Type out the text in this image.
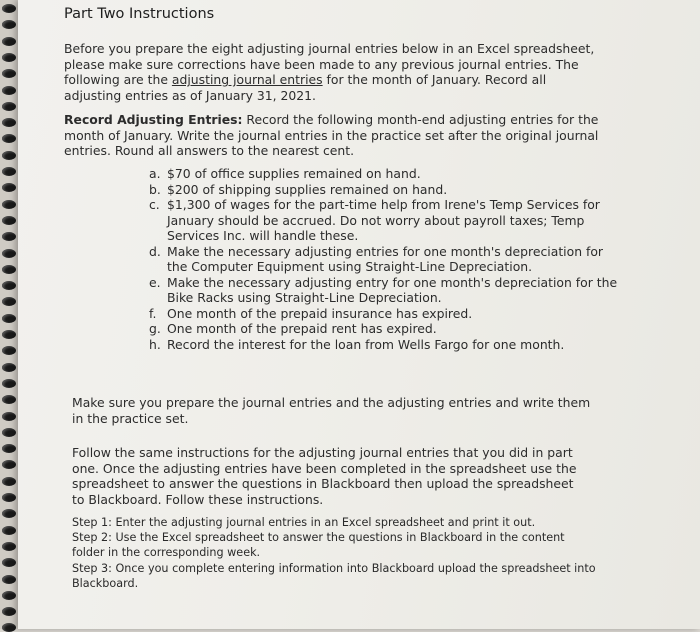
Part Two Instructions
Before you prepare the eight adjusting journal entries below in an Excel spreadsheet, please make sure corrections have been made to any previous journal entries. The following are the adjusting journal entries for the month of January. Record all adjusting entries as of January 31, 2021.
Record Adjusting Entries: Record the following month-end adjusting entries for the month of January. Write the journal entries in the practice set after the original journal entries. Round all answers to the nearest cent.
a. $70 of office supplies remained on hand.
b. $200 of shipping supplies remained on hand.
c. $1,300 of wages for the part-time help from Irene's Temp Services for January should be accrued. Do not worry about payroll taxes; Temp Services Inc. will handle these.
d. Make the necessary adjusting entries for one month's depreciation for the Computer Equipment using Straight-Line Depreciation.
e. Make the necessary adjusting entry for one month's depreciation for the Bike Racks using Straight-Line Depreciation.
f. One month of the prepaid insurance has expired.
g. One month of the prepaid rent has expired.
h. Record the interest for the loan from Wells Fargo for one month.
Make sure you prepare the journal entries and the adjusting entries and write them in the practice set.
Follow the same instructions for the adjusting journal entries that you did in part one. Once the adjusting entries have been completed in the spreadsheet use the spreadsheet to answer the questions in Blackboard then upload the spreadsheet to Blackboard. Follow these instructions.
Step 1: Enter the adjusting journal entries in an Excel spreadsheet and print it out.
Step 2: Use the Excel spreadsheet to answer the questions in Blackboard in the content folder in the corresponding week.
Step 3: Once you complete entering information into Blackboard upload the spreadsheet into Blackboard.
